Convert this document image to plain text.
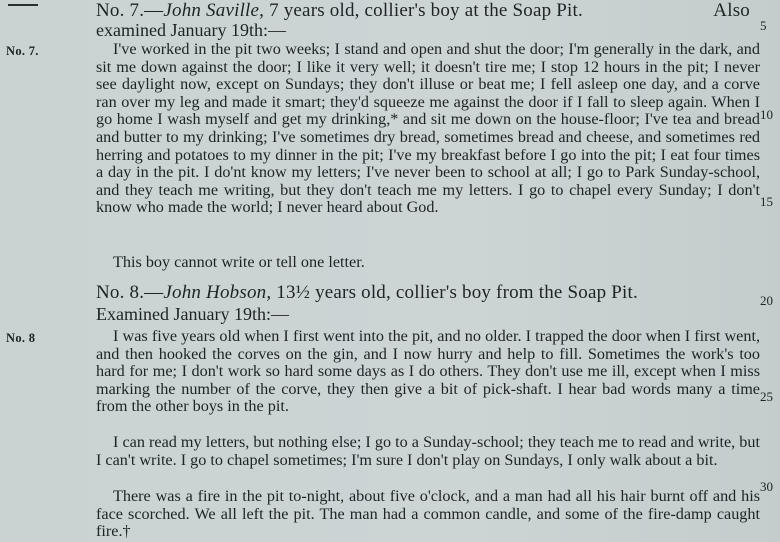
No. 7.—John Saville, 7 years old, collier's boy at the Soap Pit.	Also
examined January 19th:—
No. 7.	I've worked in the pit two weeks; I stand and open and shut the door; I'm generally in the dark, and sit me down against the door; I like it very well; it doesn't tire me; I stop 12 hours in the pit; I never see daylight now, except on Sundays; they don't illuse or beat me; I fell asleep one day, and a corve ran over my leg and made it smart; they'd squeeze me against the door if I fall to sleep again. When I go home I wash myself and get my drinking,* and sit me down on the house-floor; I've tea and bread and butter to my drinking; I've sometimes dry bread, sometimes bread and cheese, and sometimes red herring and potatoes to my dinner in the pit; I've my breakfast before I go into the pit; I eat four times a day in the pit. I do'nt know my letters; I've never been to school at all; I go to Park Sunday-school, and they teach me writing, but they don't teach me my letters. I go to chapel every Sunday; I don't know who made the world; I never heard about God.
This boy cannot write or tell one letter.
No. 8.—John Hobson, 13½ years old, collier's boy from the Soap Pit.
Examined January 19th:—
No. 8	I was five years old when I first went into the pit, and no older. I trapped the door when I first went, and then hooked the corves on the gin, and I now hurry and help to fill. Sometimes the work's too hard for me; I don't work so hard some days as I do others. They don't use me ill, except when I miss marking the number of the corve, they then give a bit of pick-shaft. I hear bad words many a time from the other boys in the pit.
I can read my letters, but nothing else; I go to a Sunday-school; they teach me to read and write, but I can't write. I go to chapel sometimes; I'm sure I don't play on Sundays, I only walk about a bit.
There was a fire in the pit to-night, about five o'clock, and a man had all his hair burnt off and his face scorched. We all left the pit. The man had a common candle, and some of the fire-damp caught fire.†
5
10
15
20
25
30
